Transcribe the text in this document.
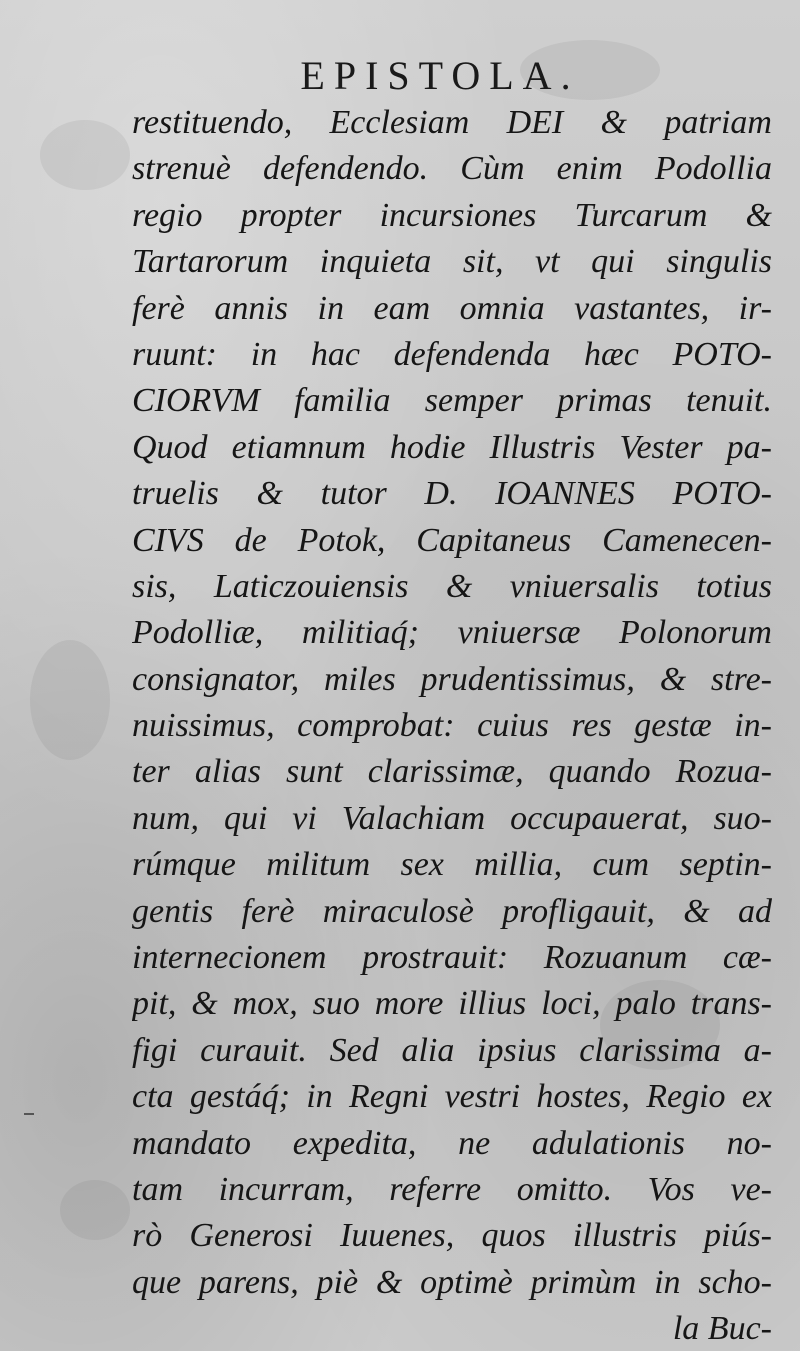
EPISTOLA.
restituendo, Ecclesiam DEI & patriam
strenuè defendendo. Cùm enim Podollia
regio propter incursiones Turcarum &
Tartarorum inquieta sit, vt qui singulis
ferè annis in eam omnia vastantes, ir-
ruunt: in hac defendenda hæc POTO-
CIORVM familia semper primas tenuit.
Quod etiamnum hodie Illustris Vester pa-
truelis & tutor D. IOANNES POTO-
CIVS de Potok, Capitaneus Camenecen-
sis, Laticzouiensis & vniuersalis totius
Podolliæ, militiaq́; vniuersæ Polonorum
consignator, miles prudentissimus, & stre-
nuissimus, comprobat: cuius res gestæ in-
ter alias sunt clarissimæ, quando Rozua-
num, qui vi Valachiam occupauerat, suo-
rúmque militum sex millia, cum septin-
gentis ferè miraculosè profligauit, & ad
internecionem prostrauit: Rozuanum cæ-
pit, & mox, suo more illius loci, palo trans-
figi curauit. Sed alia ipsius clarissima a-
cta gestáq́; in Regni vestri hostes, Regio ex
mandato expedita, ne adulationis no-
tam incurram, referre omitto. Vos ve-
rò Generosi Iuuenes, quos illustris piús-
que parens, piè & optimè primùm in scho-
la Buc-
